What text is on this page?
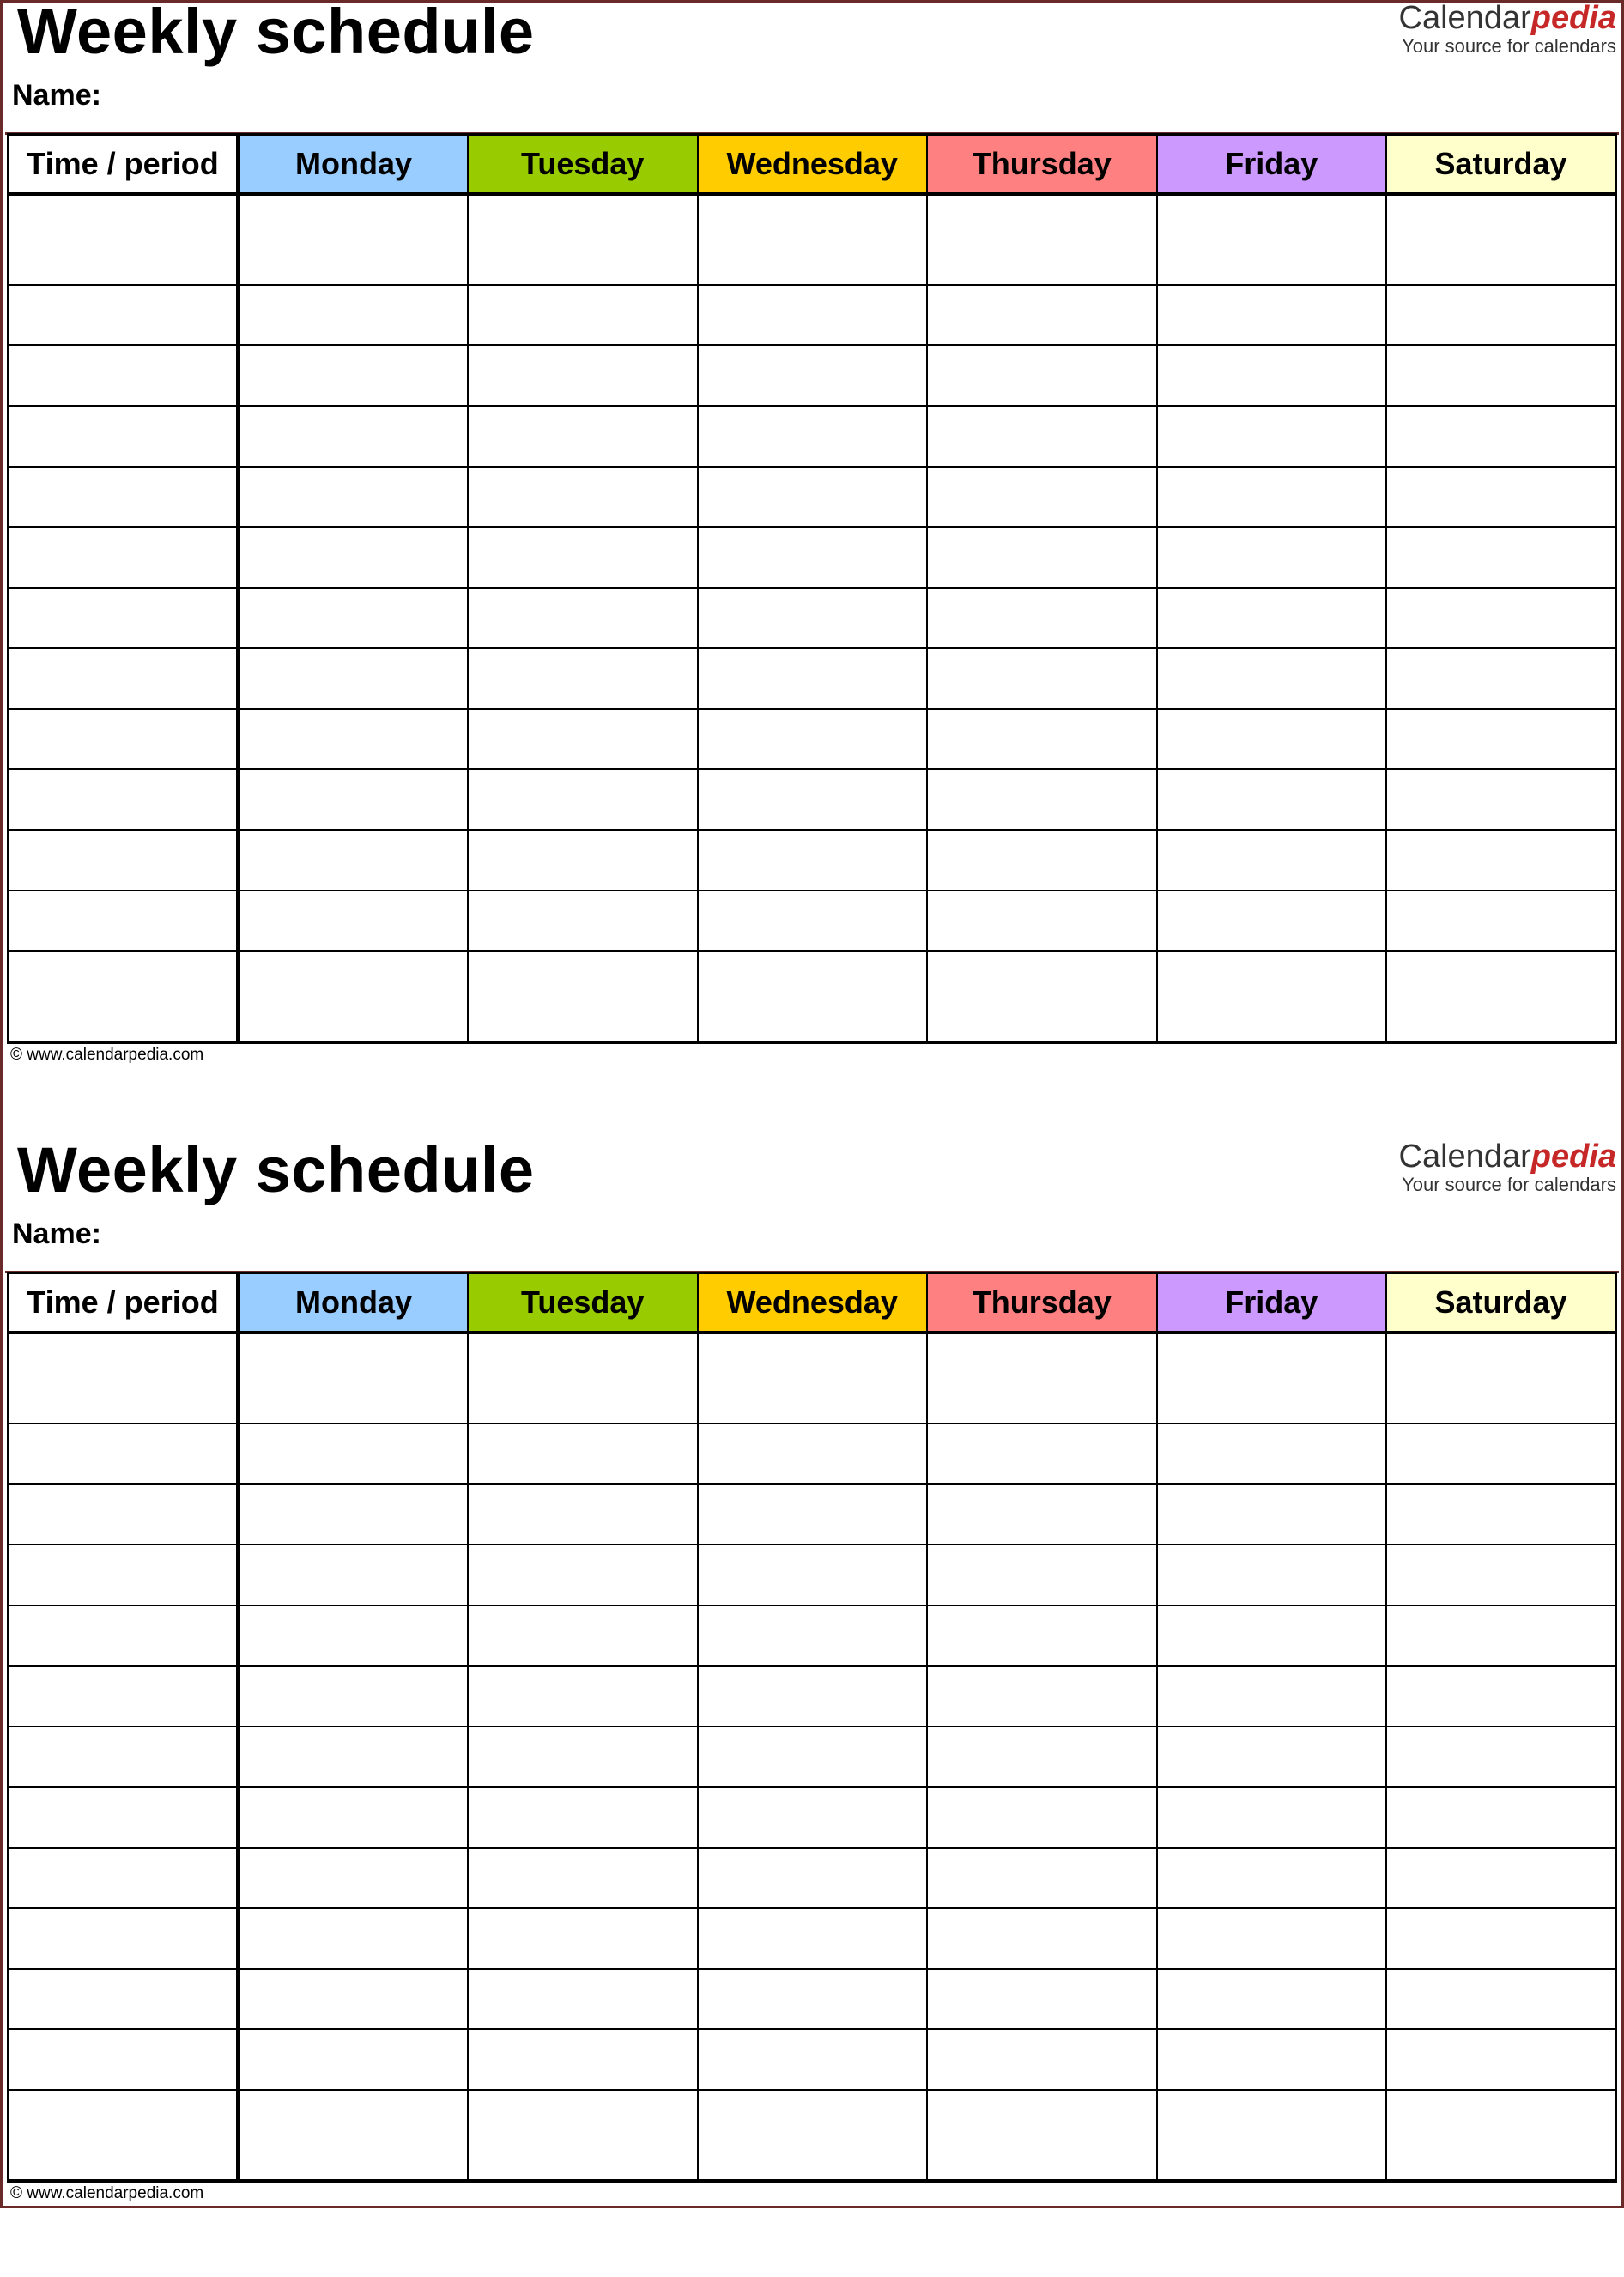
Weekly schedule
Name:
Calendarpedia
Your source for calendars
Time / period	Monday	Tuesday	Wednesday	Thursday	Friday	Saturday

© www.calendarpedia.com
Weekly schedule
Name:
Calendarpedia
Your source for calendars
Time / period	Monday	Tuesday	Wednesday	Thursday	Friday	Saturday

© www.calendarpedia.com
